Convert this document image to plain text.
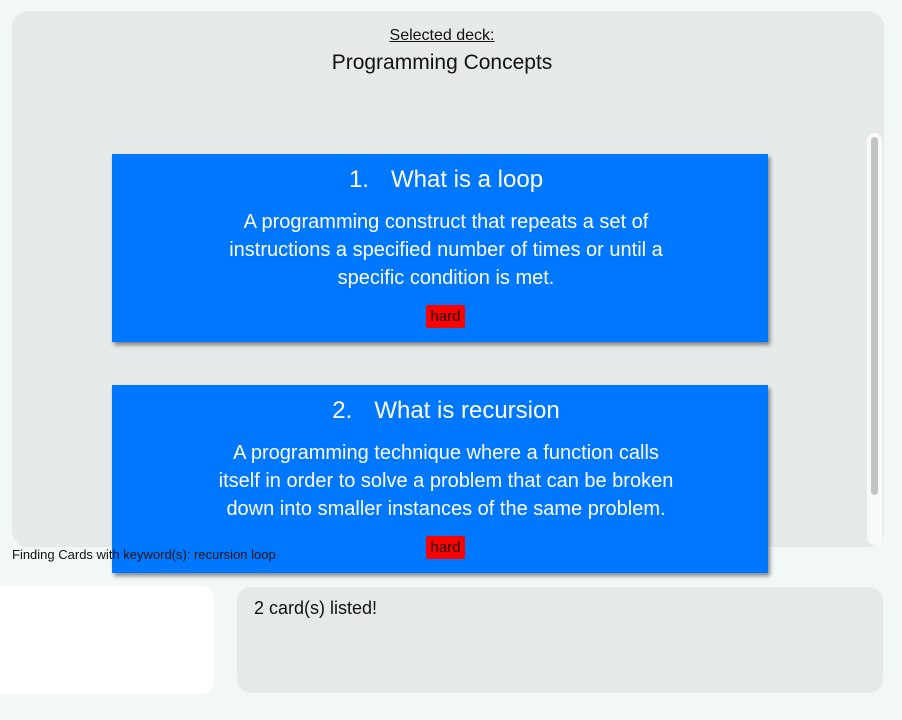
1. What is a loop
A programming construct that repeats a set of instructions a specified number of times or until a specific condition is met.
hard
2. What is recursion
A programming technique where a function calls itself in order to solve a problem that can be broken down into smaller instances of the same problem.
hard
Selected deck:
Programming Concepts
Finding Cards with keyword(s): recursion loop
2 card(s) listed!
